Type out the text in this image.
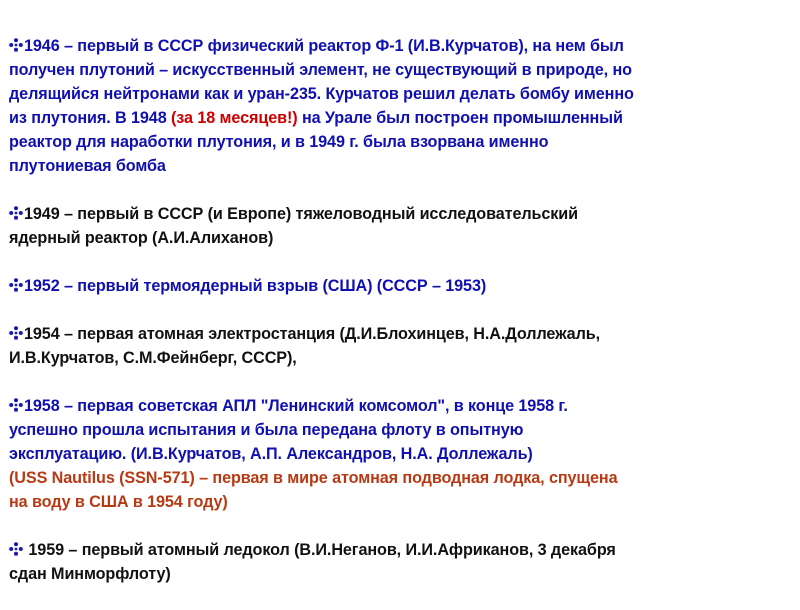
1946 – первый в СССР физический реактор Ф-1 (И.В.Курчатов), на нем был
получен плутоний – искусственный элемент, не существующий в природе, но
делящийся нейтронами как и уран-235. Курчатов решил делать бомбу именно
из плутония. В 1948 (за 18 месяцев!) на Урале был построен промышленный
реактор для наработки плутония, и в 1949 г. была взорвана именно
плутониевая бомба

1949 – первый в СССР (и Европе) тяжеловодный исследовательский
ядерный реактор (А.И.Алиханов)

1952 – первый термоядерный взрыв (США) (СССР – 1953)

1954 – первая атомная электростанция (Д.И.Блохинцев, Н.А.Доллежаль,
И.В.Курчатов, С.М.Фейнберг, СССР),

1958 – первая советская АПЛ "Ленинский комсомол", в конце 1958 г.
успешно прошла испытания и была передана флоту в опытную
эксплуатацию. (И.В.Курчатов, А.П. Александров, Н.А. Доллежаль)
(USS Nautilus (SSN-571) – первая в мире атомная подводная лодка, спущена
на воду в США в 1954 году)

1959 – первый атомный ледокол (В.И.Неганов, И.И.Африканов, 3 декабря
сдан Минморфлоту)
